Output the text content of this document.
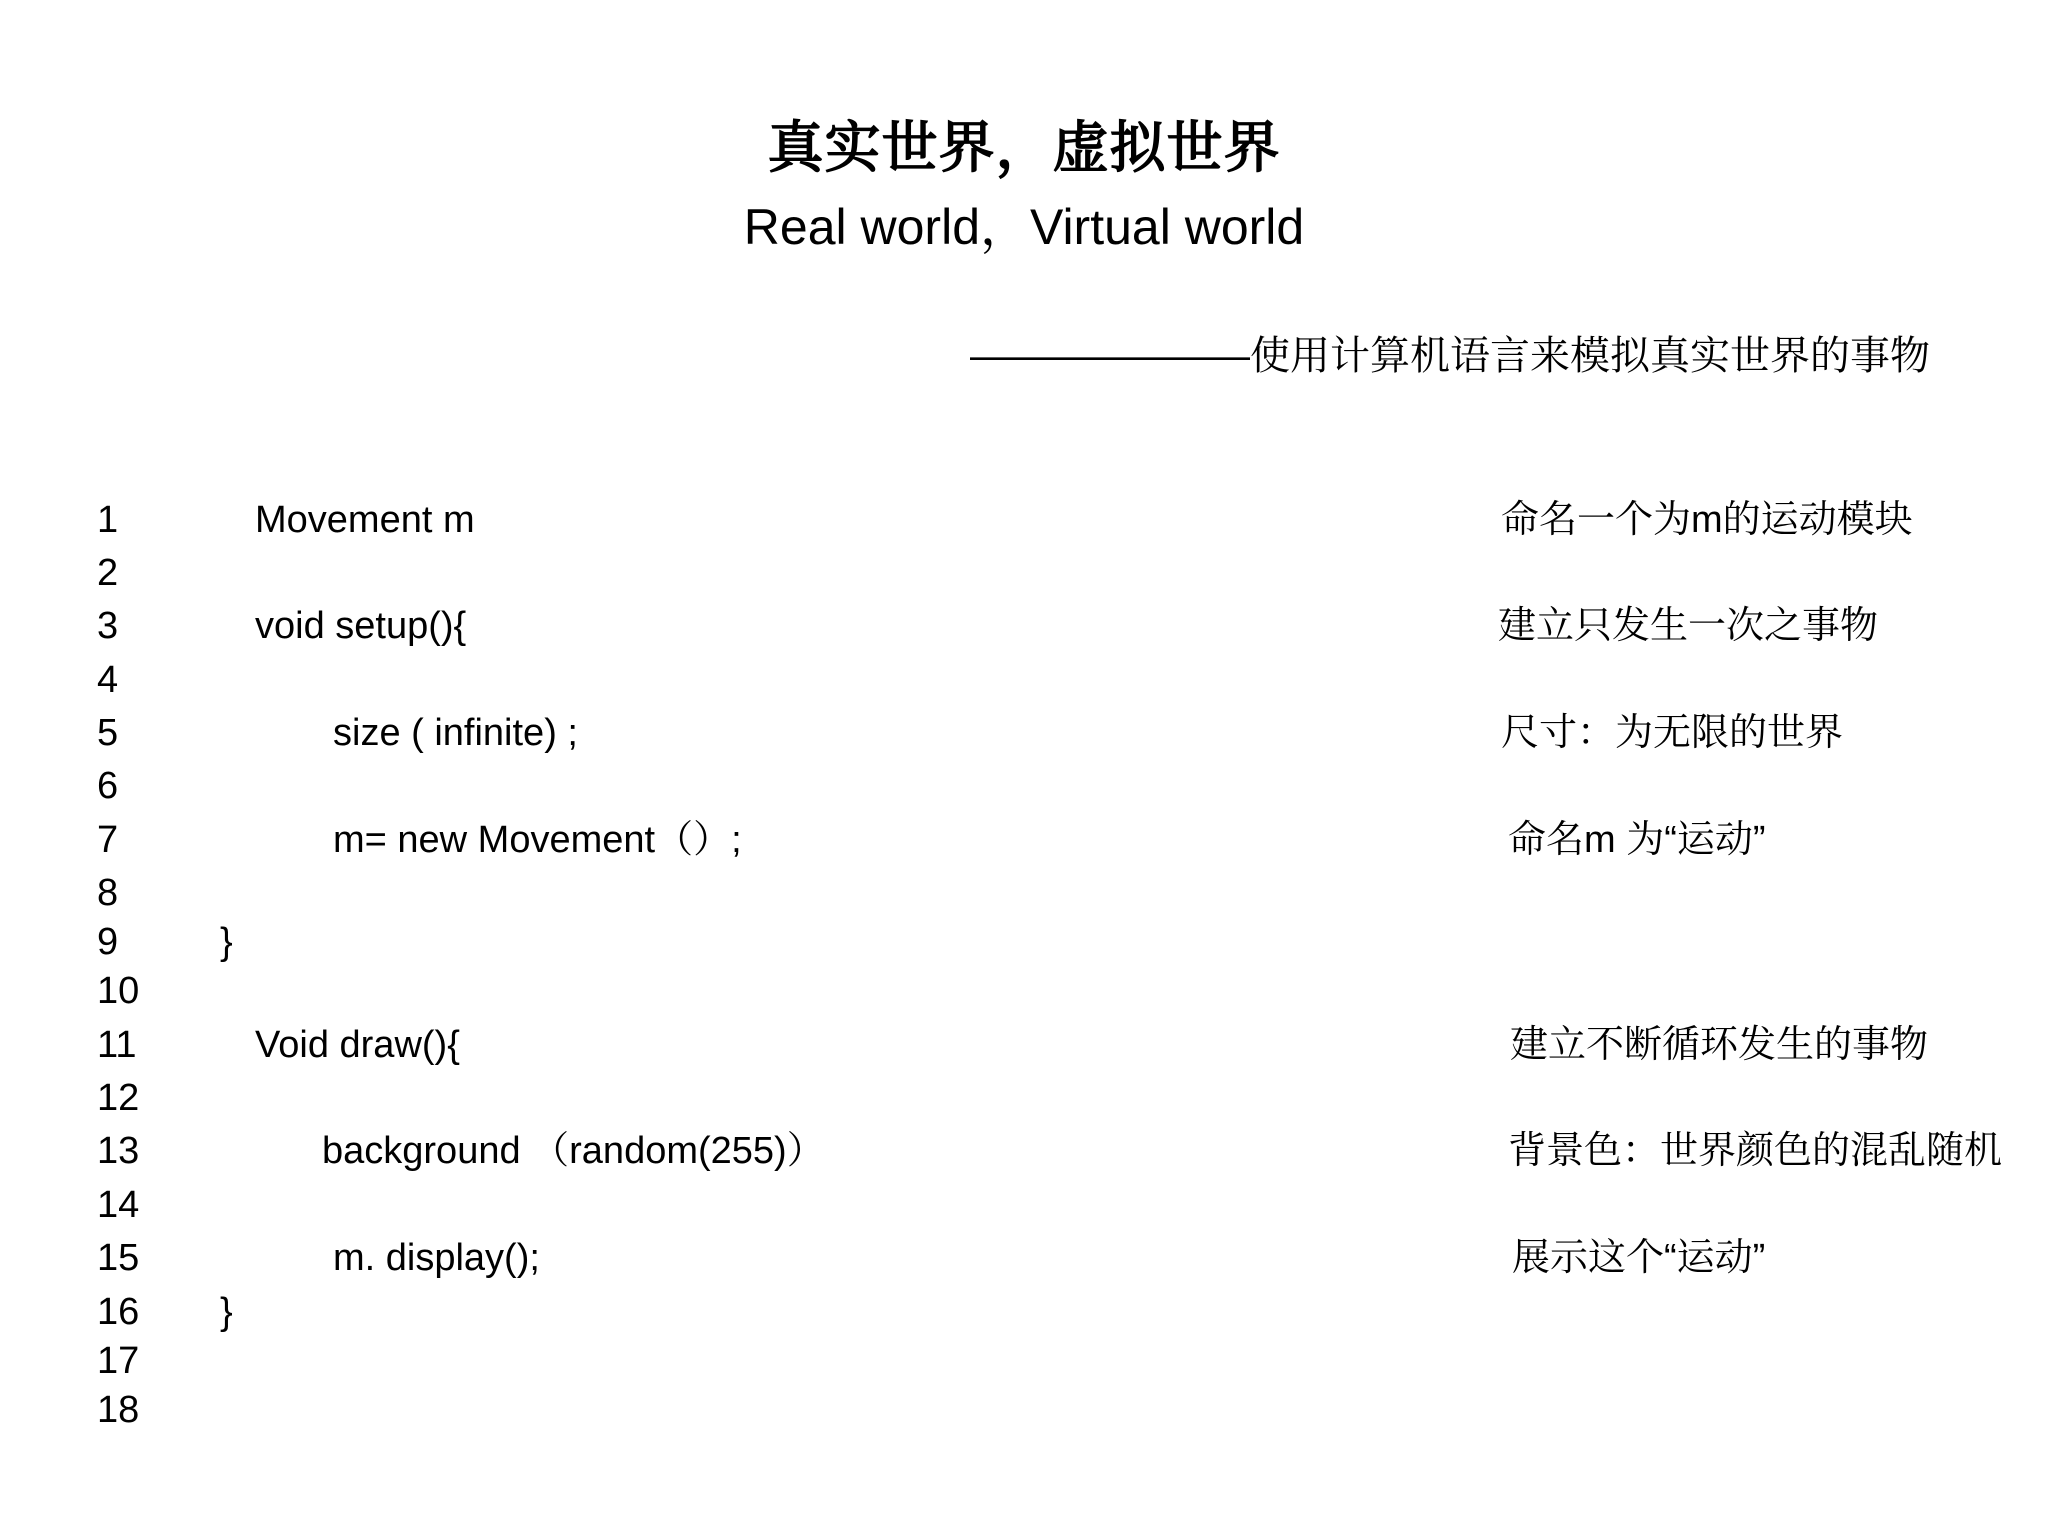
真实世界，虚拟世界
Real world，Virtual world
———————使用计算机语言来模拟真实世界的事物
1
2
3
4
5
6
7
8
9
10
11
12
13
14
15
16
17
18
Movement m
void setup(){
size ( infinite) ;
m= new Movement（）;
}
Void draw(){
background （random(255)）
m. display();
}
命名一个为m的运动模块
建立只发生一次之事物
尺寸：为无限的世界
命名m 为“运动”
建立不断循环发生的事物
背景色：世界颜色的混乱随机
展示这个“运动”
